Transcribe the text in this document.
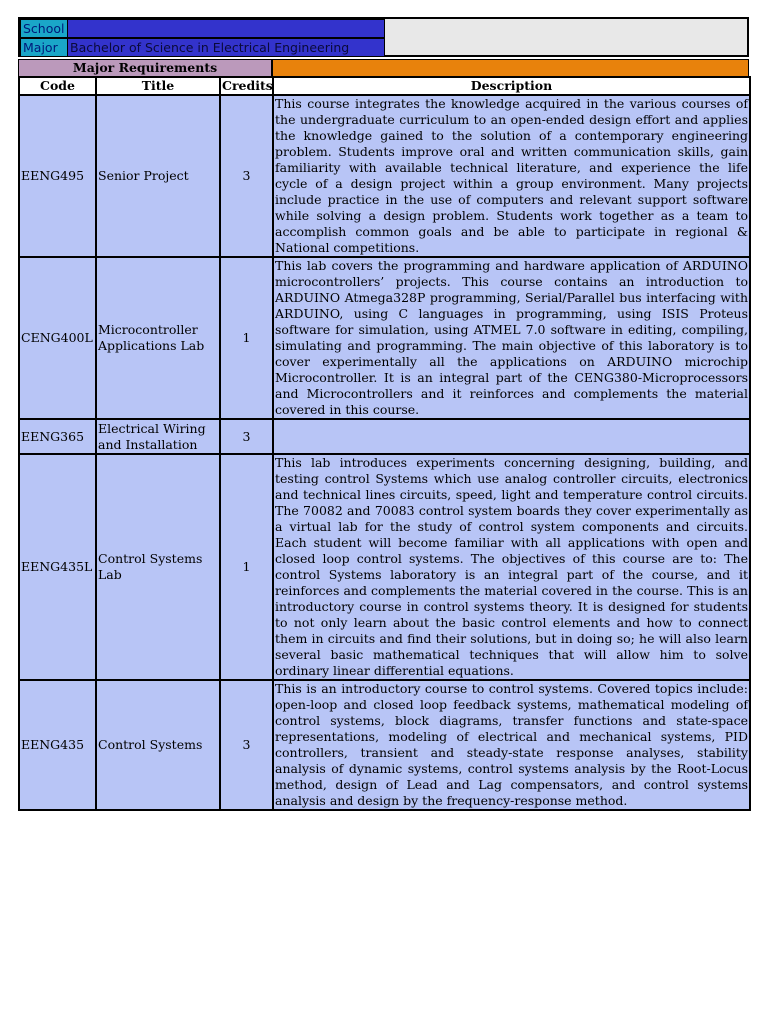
School
Major Bachelor of Science in Electrical Engineering
Major Requirements
Code	Title	Credits	Description
EENG495	Senior Project	3	This course integrates the knowledge acquired in the various courses of the undergraduate curriculum to an open-ended design effort and applies the knowledge gained to the solution of a contemporary engineering problem. Students improve oral and written communication skills, gain familiarity with available technical literature, and experience the life cycle of a design project within a group environment. Many projects include practice in the use of computers and relevant support software while solving a design problem. Students work together as a team to accomplish common goals and be able to participate in regional & National competitions.
CENG400L	Microcontroller Applications Lab	1	This lab covers the programming and hardware application of ARDUINO microcontrollers’ projects. This course contains an introduction to ARDUINO Atmega328P programming, Serial/Parallel bus interfacing with ARDUINO, using C languages in programming, using ISIS Proteus software for simulation, using ATMEL 7.0 software in editing, compiling, simulating and programming. The main objective of this laboratory is to cover experimentally all the applications on ARDUINO microchip Microcontroller. It is an integral part of the CENG380-Microprocessors and Microcontrollers and it reinforces and complements the material covered in this course.
EENG365	Electrical Wiring and Installation	3	
EENG435L	Control Systems Lab	1	This lab introduces experiments concerning designing, building, and testing control Systems which use analog controller circuits, electronics and technical lines circuits, speed, light and temperature control circuits. The 70082 and 70083 control system boards they cover experimentally as a virtual lab for the study of control system components and circuits. Each student will become familiar with all applications with open and closed loop control systems. The objectives of this course are to: The control Systems laboratory is an integral part of the course, and it reinforces and complements the material covered in the course. This is an introductory course in control systems theory. It is designed for students to not only learn about the basic control elements and how to connect them in circuits and find their solutions, but in doing so; he will also learn several basic mathematical techniques that will allow him to solve ordinary linear differential equations.
EENG435	Control Systems	3	This is an introductory course to control systems. Covered topics include: open-loop and closed loop feedback systems, mathematical modeling of control systems, block diagrams, transfer functions and state-space representations, modeling of electrical and mechanical systems, PID controllers, transient and steady-state response analyses, stability analysis of dynamic systems, control systems analysis by the Root-Locus method, design of Lead and Lag compensators, and control systems analysis and design by the frequency-response method.
